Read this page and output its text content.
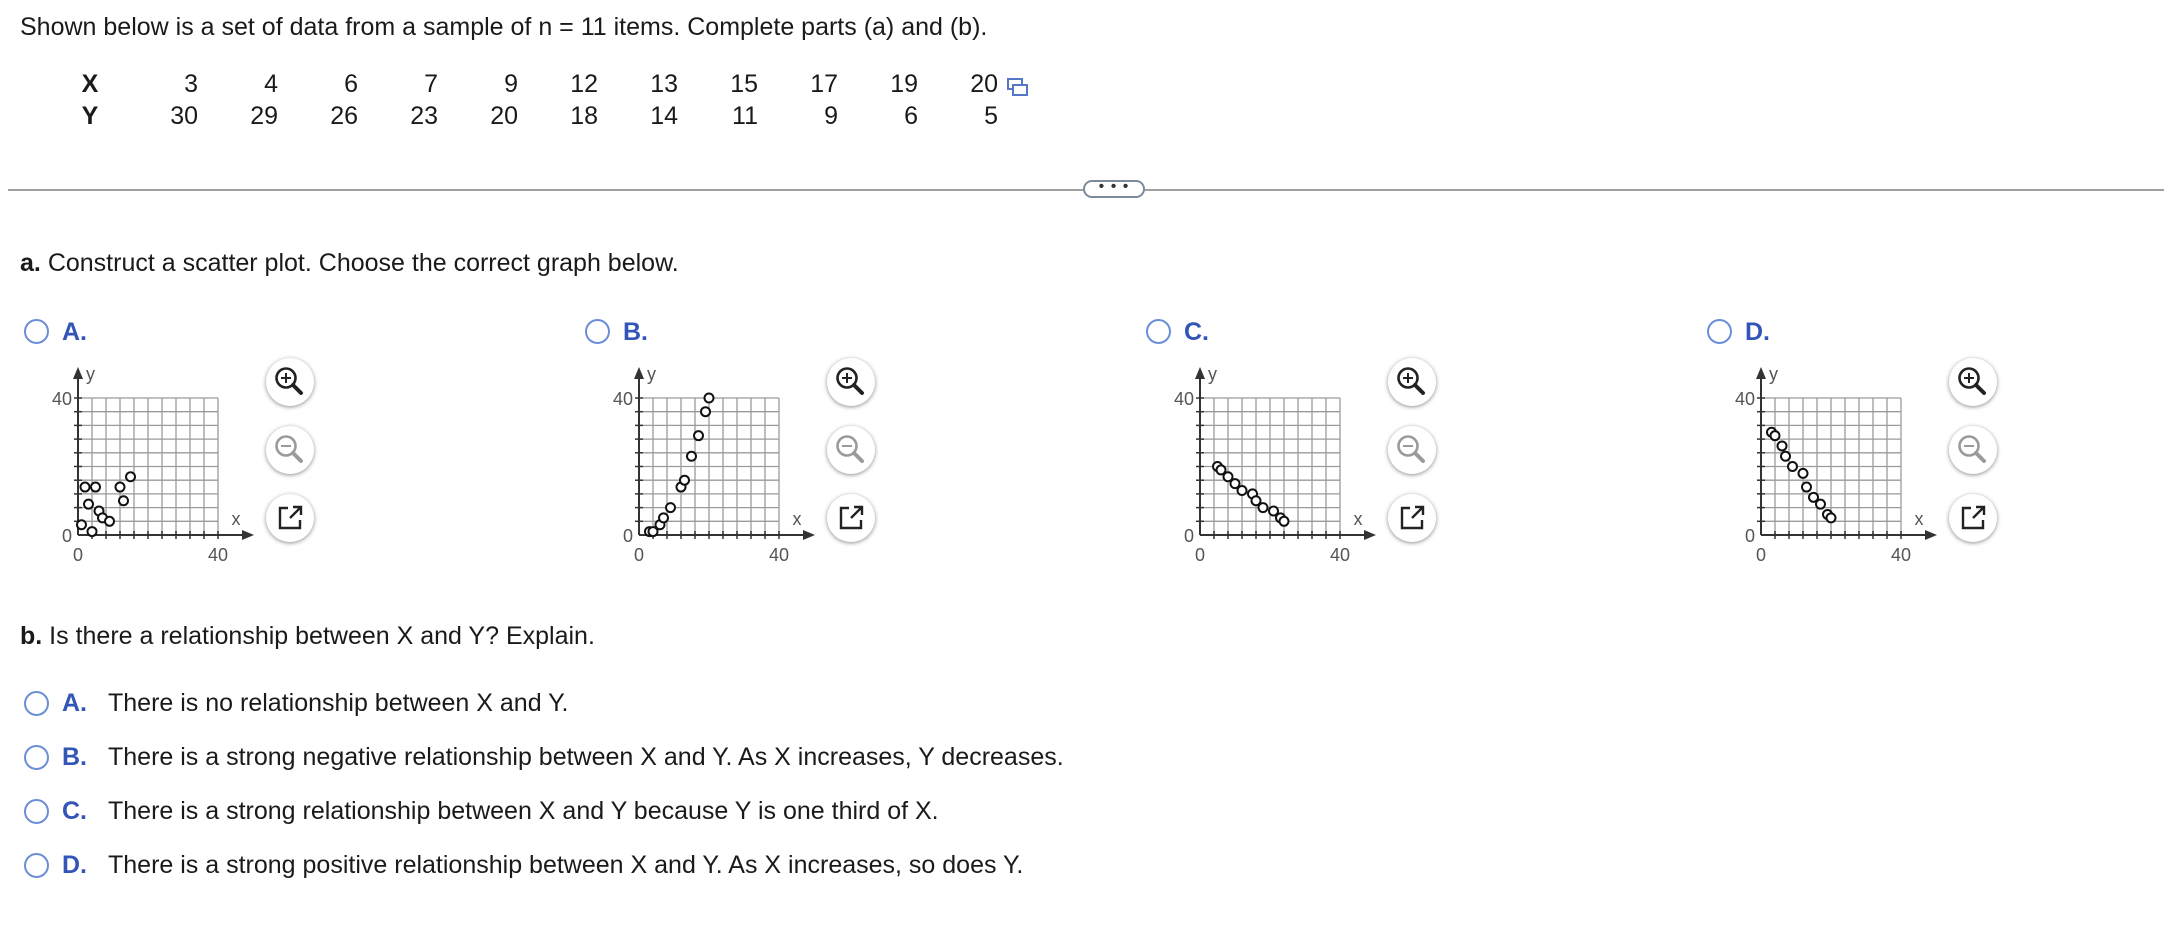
Shown below is a set of data from a sample of n = 11 items. Complete parts (a) and (b).
X	3	4	6	7	9	12	13	15	17	19	20
Y	30	29	26	23	20	18	14	11	9	6	5
• • •
a. Construct a scatter plot. Choose the correct graph below.
A.
0
40
0	40
x
y
B.
0
40
0	40
x
y
C.
0
40
0	40
x
y
D.
0
40
0	40
x
y
b. Is there a relationship between X and Y? Explain.
A. There is no relationship between X and Y.
B. There is a strong negative relationship between X and Y. As X increases, Y decreases.
C. There is a strong relationship between X and Y because Y is one third of X.
D. There is a strong positive relationship between X and Y. As X increases, so does Y.
